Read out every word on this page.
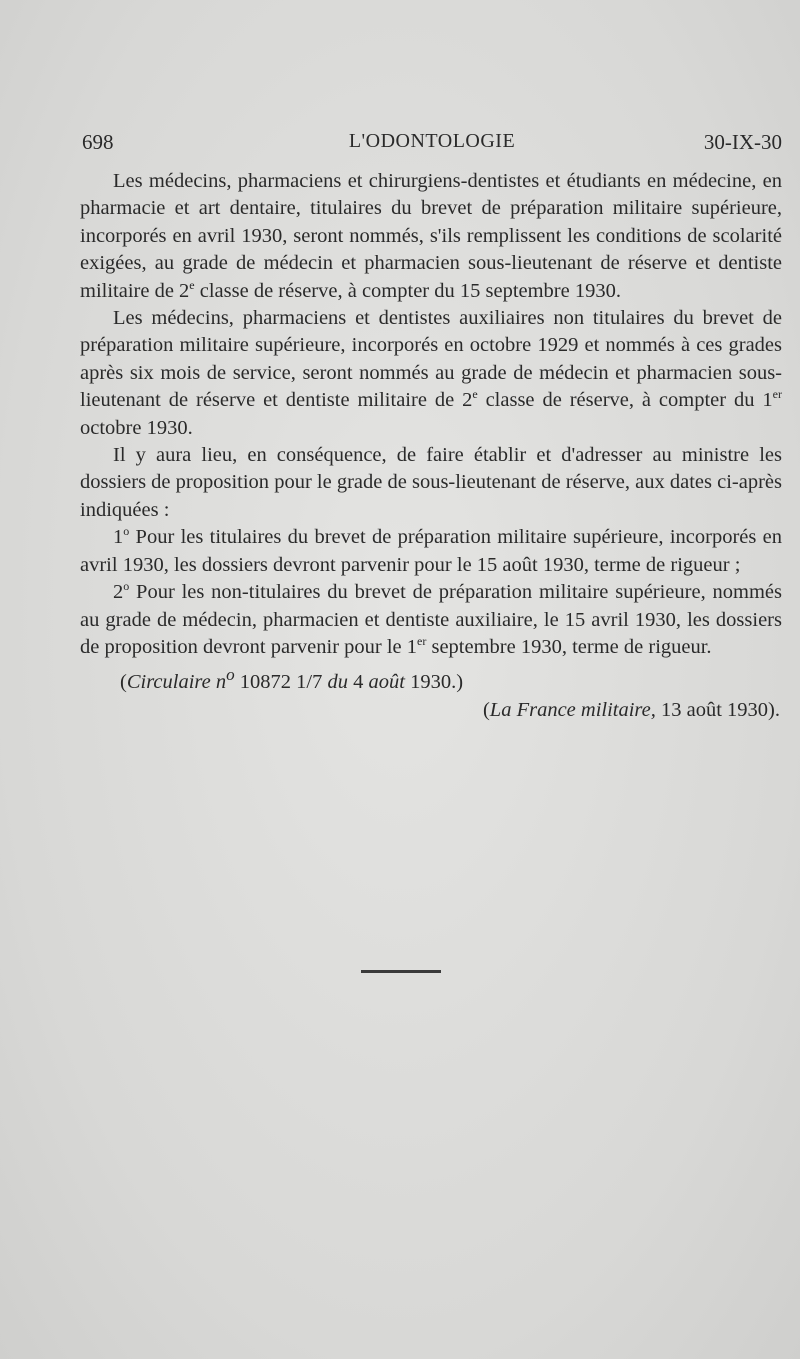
698	L'ODONTOLOGIE	30-IX-30

Les médecins, pharmaciens et chirurgiens-dentistes et étudiants en médecine, en pharmacie et art dentaire, titulaires du brevet de préparation militaire supérieure, incorporés en avril 1930, seront nommés, s'ils remplissent les conditions de scolarité exigées, au grade de médecin et pharmacien sous-lieutenant de réserve et dentiste militaire de 2e classe de réserve, à compter du 15 septembre 1930.

Les médecins, pharmaciens et dentistes auxiliaires non titulaires du brevet de préparation militaire supérieure, incorporés en octobre 1929 et nommés à ces grades après six mois de service, seront nommés au grade de médecin et pharmacien sous-lieutenant de réserve et dentiste militaire de 2e classe de réserve, à compter du 1er octobre 1930.

Il y aura lieu, en conséquence, de faire établir et d'adresser au ministre les dossiers de proposition pour le grade de sous-lieutenant de réserve, aux dates ci-après indiquées :

1$^o$ Pour les titulaires du brevet de préparation militaire supérieure, incorporés en avril 1930, les dossiers devront parvenir pour le 15 août 1930, terme de rigueur ;

2$^o$ Pour les non-titulaires du brevet de préparation militaire supérieure, nommés au grade de médecin, pharmacien et dentiste auxiliaire, le 15 avril 1930, les dossiers de proposition devront parvenir pour le 1er septembre 1930, terme de rigueur.

(Circulaire $n^o$ 10872 1/7 du 4 août 1930.)

(La France militaire, 13 août 1930).
